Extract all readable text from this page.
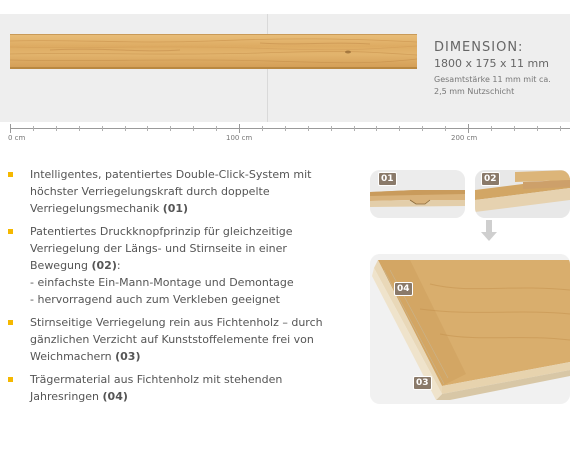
DIMENSION:
1800 x 175 x 11 mm
Gesamtstärke 11 mm mit ca. 2,5 mm Nutzschicht
0 cm	100 cm	200 cm
Intelligentes, patentiertes Double-Click-System mit
höchster Verriegelungskraft durch doppelte
Verriegelungsmechanik (01)
Patentiertes Druckknopfprinzip für gleichzeitige
Verriegelung der Längs- und Stirnseite in einer
Bewegung (02):
- einfachste Ein-Mann-Montage und Demontage
- hervorragend auch zum Verkleben geeignet
Stirnseitige Verriegelung rein aus Fichtenholz – durch
gänzlichen Verzicht auf Kunststoffelemente frei von
Weichmachern (03)
Trägermaterial aus Fichtenholz mit stehenden
Jahresringen (04)
01	02
04
03
